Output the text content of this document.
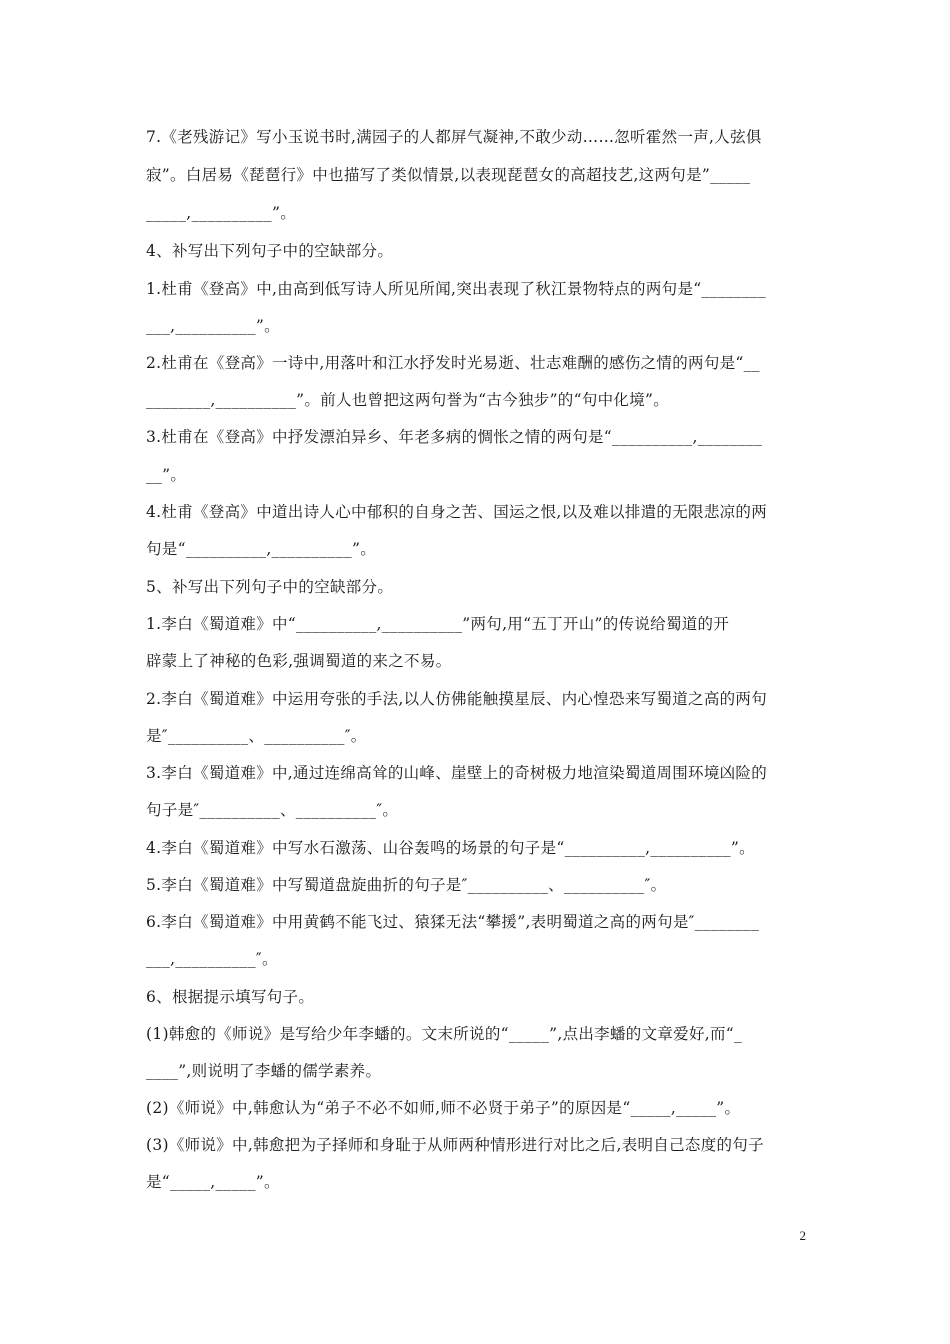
7.《老残游记》写小玉说书时,满园子的人都屏气凝神,不敢少动……忽听霍然一声,人弦俱
寂”。白居易《琵琶行》中也描写了类似情景,以表现琵琶女的高超技艺,这两句是”_____
_____,__________”。
4、补写出下列句子中的空缺部分。
1.杜甫《登高》中,由高到低写诗人所见所闻,突出表现了秋江景物特点的两句是“________
___,__________”。
2.杜甫在《登高》一诗中,用落叶和江水抒发时光易逝、壮志难酬的感伤之情的两句是“__
________,__________”。前人也曾把这两句誉为“古今独步”的“句中化境”。
3.杜甫在《登高》中抒发漂泊异乡、年老多病的惆怅之情的两句是“__________,________
__”。
4.杜甫《登高》中道出诗人心中郁积的自身之苦、国运之恨,以及难以排遣的无限悲凉的两
句是“__________,__________”。
5、补写出下列句子中的空缺部分。
1.李白《蜀道难》中“__________,__________”两句,用“五丁开山”的传说给蜀道的开
辟蒙上了神秘的色彩,强调蜀道的来之不易。
2.李白《蜀道难》中运用夸张的手法,以人仿佛能触摸星辰、内心惶恐来写蜀道之高的两句
是″__________、__________″。
3.李白《蜀道难》中,通过连绵高耸的山峰、崖壁上的奇树极力地渲染蜀道周围环境凶险的
句子是″__________、__________″。
4.李白《蜀道难》中写水石激荡、山谷轰鸣的场景的句子是“__________,__________”。
5.李白《蜀道难》中写蜀道盘旋曲折的句子是″__________、__________″。
6.李白《蜀道难》中用黄鹤不能飞过、猿猱无法“攀援”,表明蜀道之高的两句是″________
___,__________″。
6、根据提示填写句子。
(1)韩愈的《师说》是写给少年李蟠的。文末所说的“_____”,点出李蟠的文章爱好,而“_
____”,则说明了李蟠的儒学素养。
(2)《师说》中,韩愈认为“弟子不必不如师,师不必贤于弟子”的原因是“_____,_____”。
(3)《师说》中,韩愈把为子择师和身耻于从师两种情形进行对比之后,表明自己态度的句子
是“_____,_____”。
2
